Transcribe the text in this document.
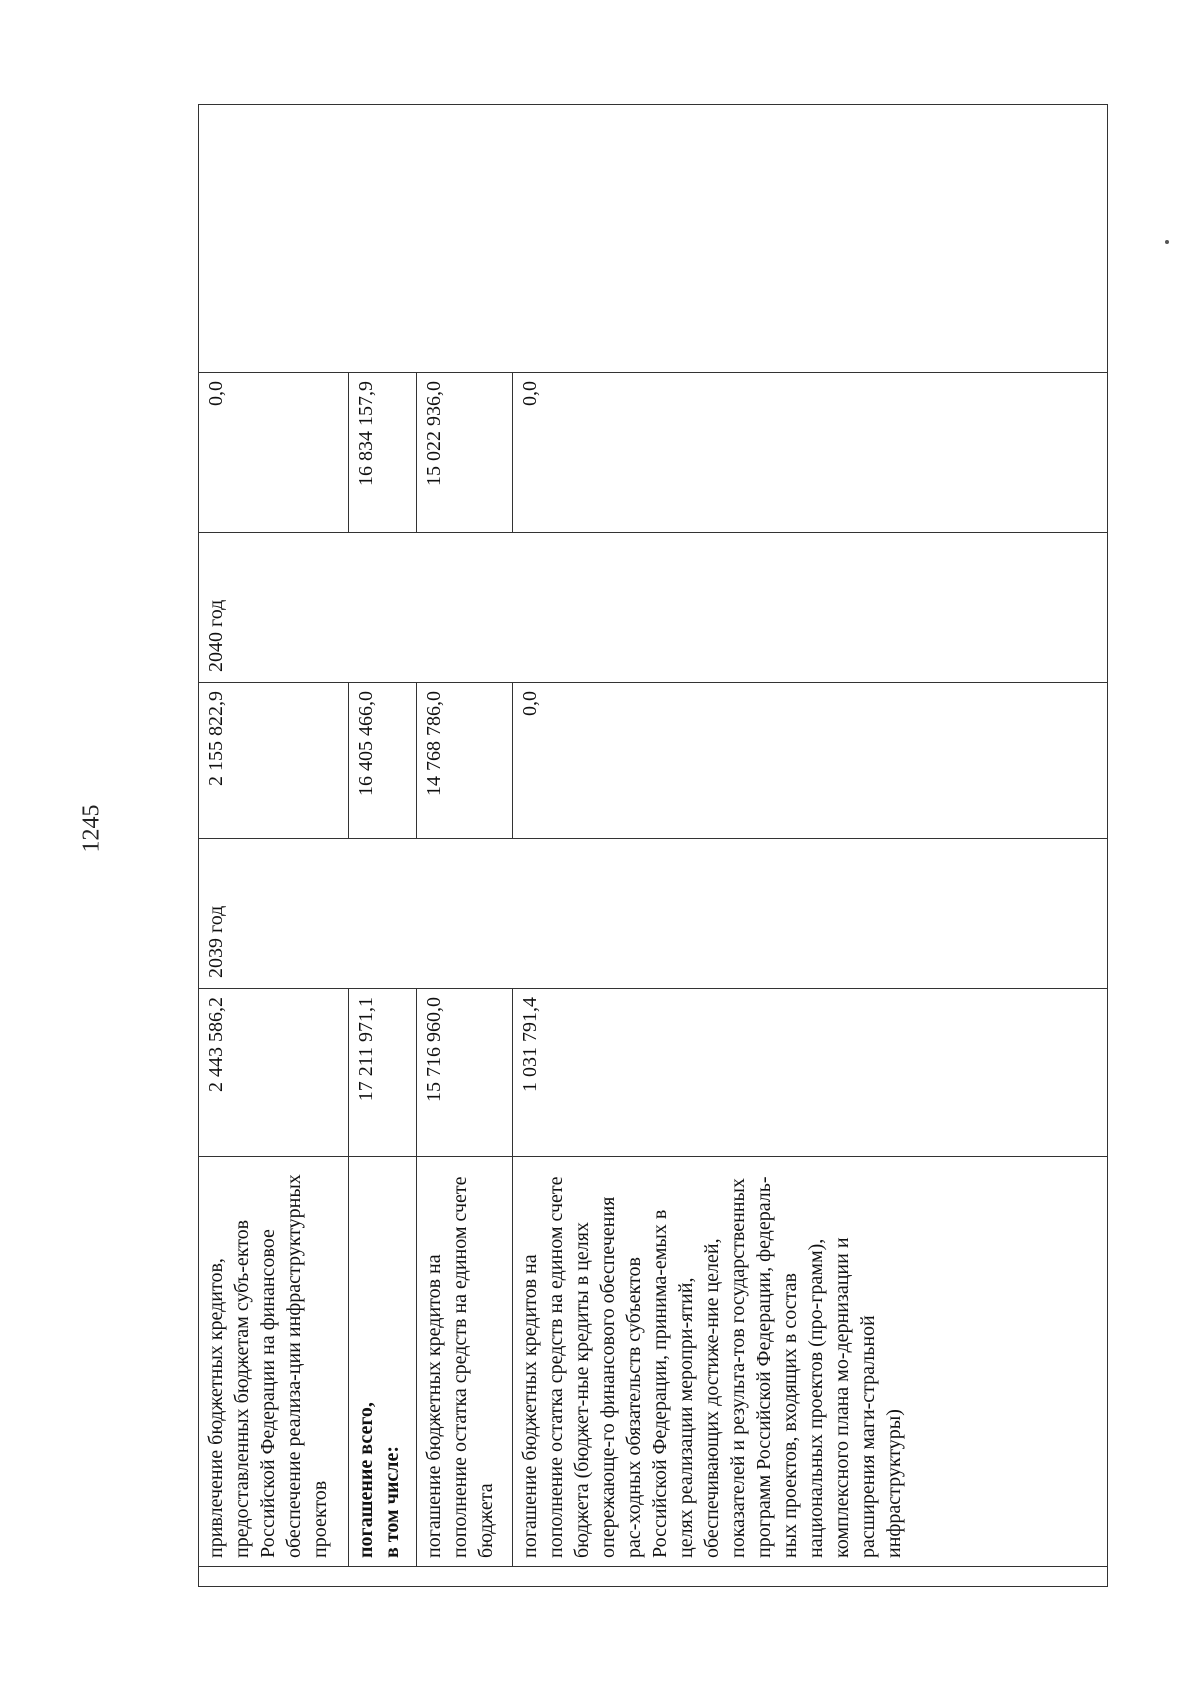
1245
	привлечение бюджетных кредитов, предоставленных бюджетам субъ-ектов Российской Федерации на финансовое обеспечение реализа-ции инфраструктурных проектов	2 443 586,2	2039 год	2 155 822,9	2040 год	0,0	

	погашение всего, в том числе:	17 211 971,1		16 405 466,0		16 834 157,9	
	погашение бюджетных кредитов на пополнение остатка средств на едином счете бюджета	15 716 960,0		14 768 786,0		15 022 936,0	
	погашение бюджетных кредитов на пополнение остатка средств на едином счете бюджета (бюджет-ные кредиты в целях опережающе-го финансового обеспечения рас-ходных обязательств субъектов Российской Федерации, принима-емых в целях реализации меропри-ятий, обеспечивающих достиже-ние целей, показателей и результа-тов государственных программ Российской Федерации, федераль-ных проектов, входящих в состав национальных проектов (про-грамм), комплексного плана мо-дернизации и расширения маги-стральной инфраструктуры)	1 031 791,4		0,0		0,0	
